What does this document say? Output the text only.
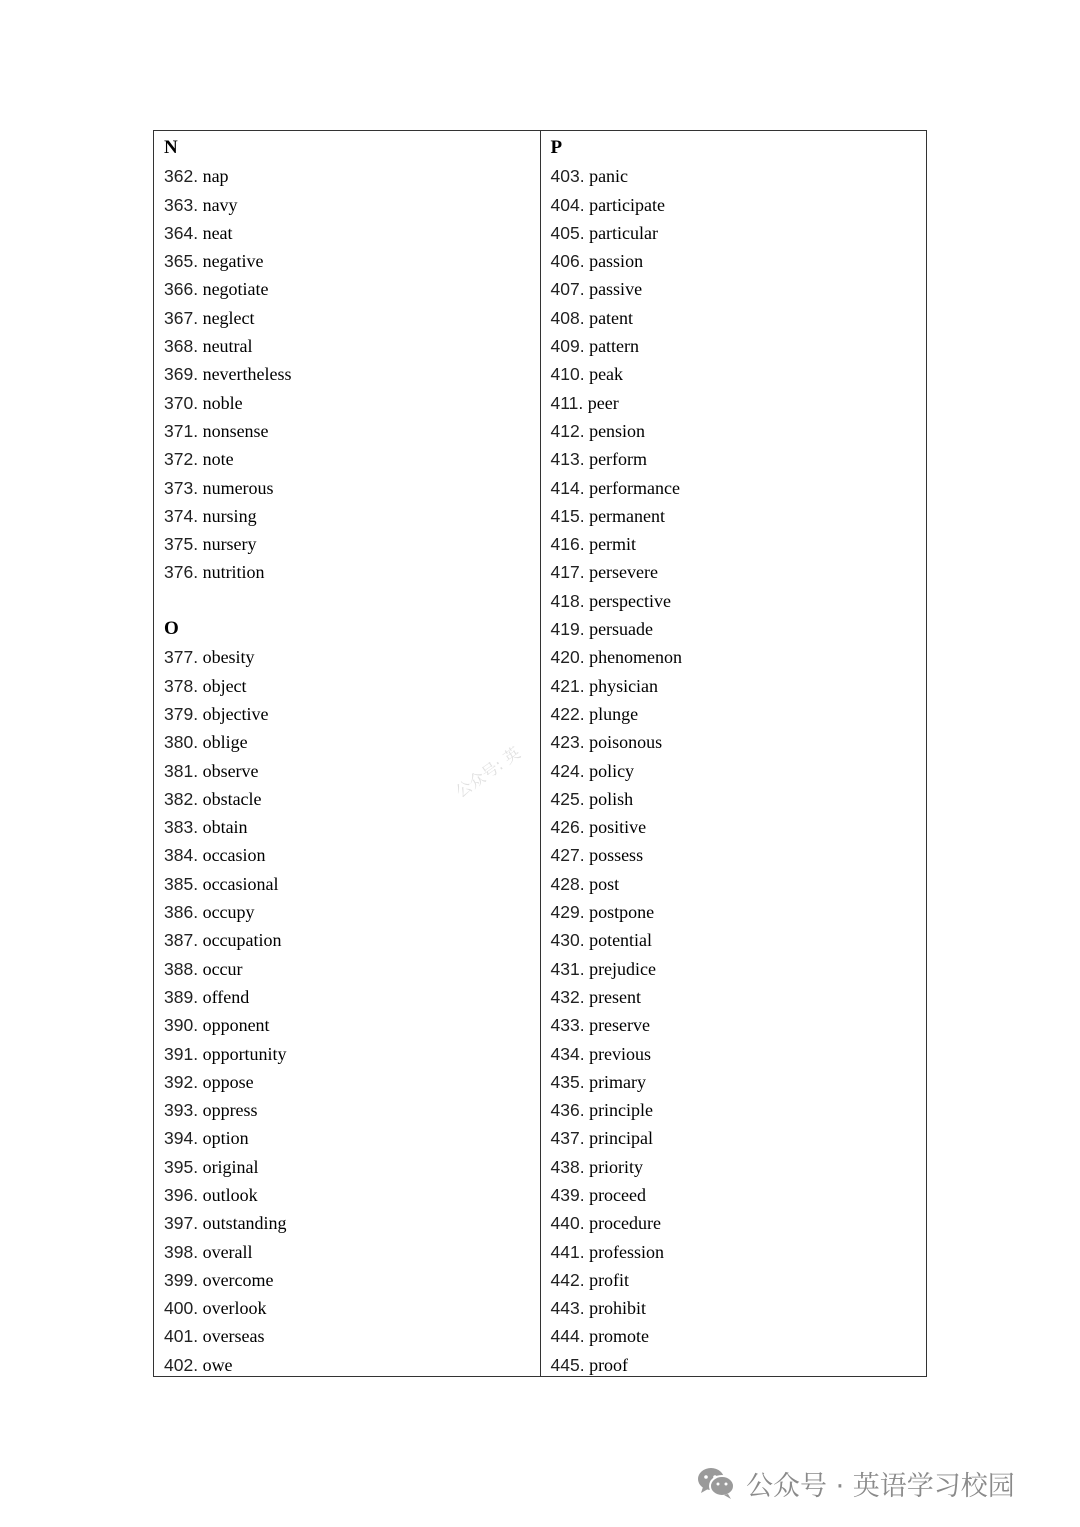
N
362. nap
363. navy
364. neat
365. negative
366. negotiate
367. neglect
368. neutral
369. nevertheless
370. noble
371. nonsense
372. note
373. numerous
374. nursing
375. nursery
376. nutrition
O
377. obesity
378. object
379. objective
380. oblige
381. observe
382. obstacle
383. obtain
384. occasion
385. occasional
386. occupy
387. occupation
388. occur
389. offend
390. opponent
391. opportunity
392. oppose
393. oppress
394. option
395. original
396. outlook
397. outstanding
398. overall
399. overcome
400. overlook
401. overseas
402. owe
P
403. panic
404. participate
405. particular
406. passion
407. passive
408. patent
409. pattern
410. peak
411. peer
412. pension
413. perform
414. performance
415. permanent
416. permit
417. persevere
418. perspective
419. persuade
420. phenomenon
421. physician
422. plunge
423. poisonous
424. policy
425. polish
426. positive
427. possess
428. post
429. postpone
430. potential
431. prejudice
432. present
433. preserve
434. previous
435. primary
436. principle
437. principal
438. priority
439. proceed
440. procedure
441. profession
442. profit
443. prohibit
444. promote
445. proof
公众号: 英
公众号 · 英语学习校园
